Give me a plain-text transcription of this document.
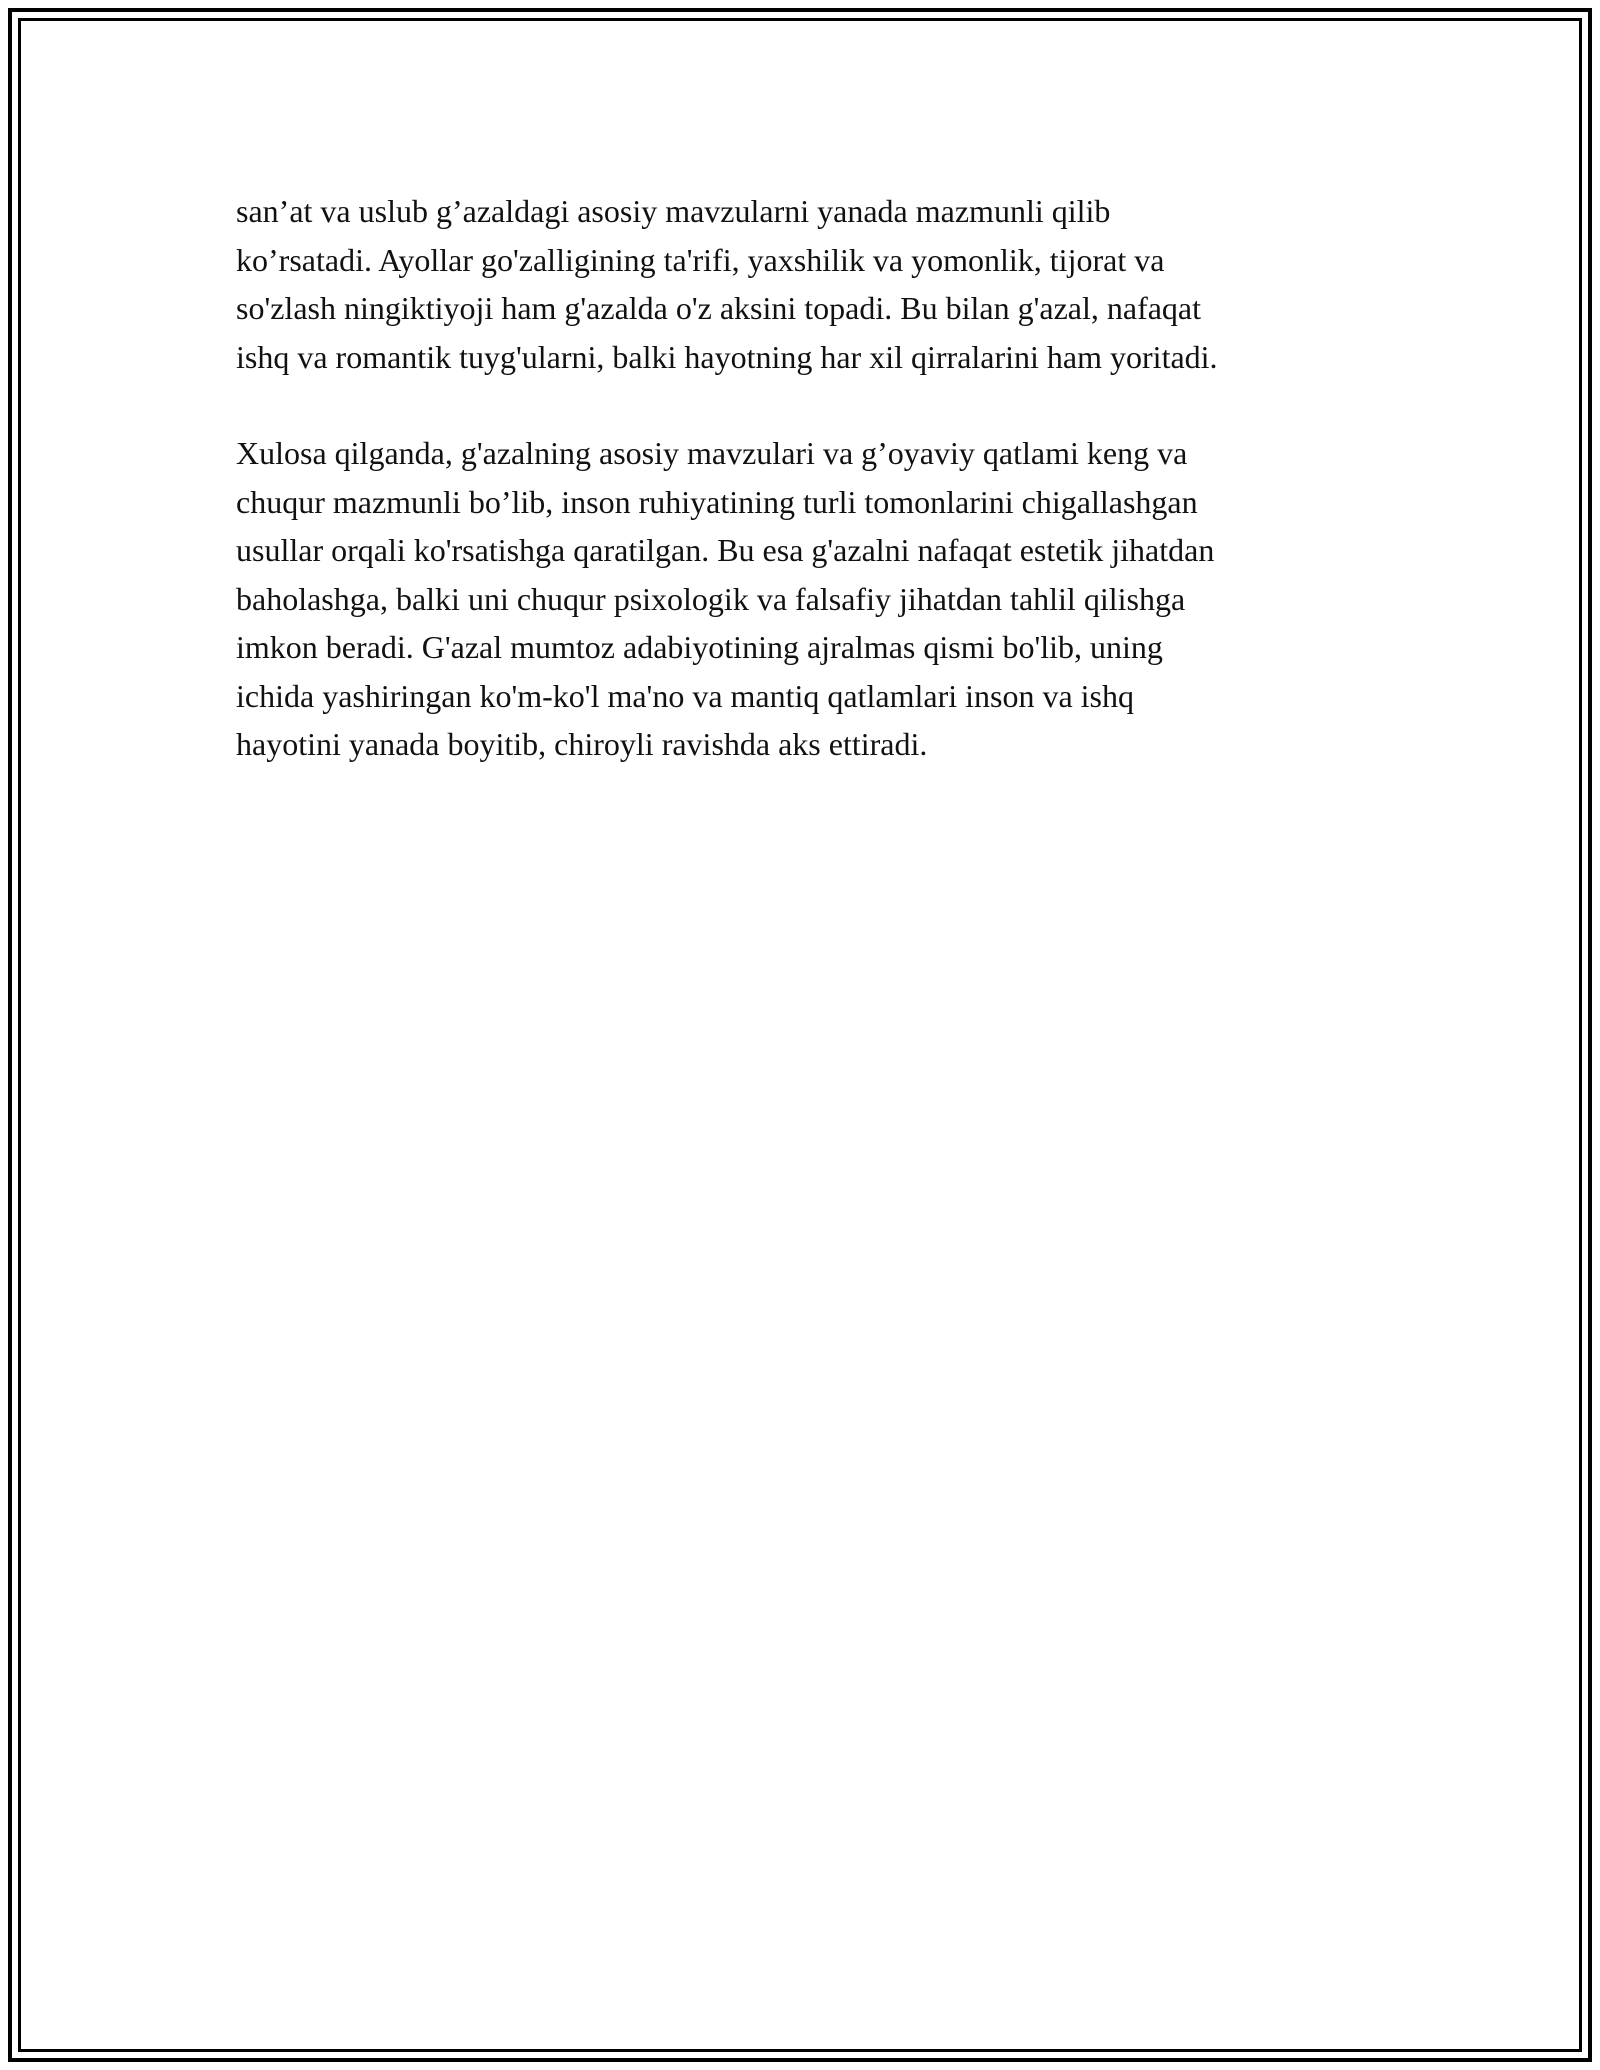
san’at va uslub g’azaldagi asosiy mavzularni yanada mazmunli qilib
ko’rsatadi. Ayollar go'zalligining ta'rifi, yaxshilik va yomonlik, tijorat va
so'zlash ningiktiyoji ham g'azalda o'z aksini topadi. Bu bilan g'azal, nafaqat
ishq va romantik tuyg'ularni, balki hayotning har xil qirralarini ham yoritadi.

Xulosa qilganda, g'azalning asosiy mavzulari va g’oyaviy qatlami keng va
chuqur mazmunli bo’lib, inson ruhiyatining turli tomonlarini chigallashgan
usullar orqali ko'rsatishga qaratilgan. Bu esa g'azalni nafaqat estetik jihatdan
baholashga, balki uni chuqur psixologik va falsafiy jihatdan tahlil qilishga
imkon beradi. G'azal mumtoz adabiyotining ajralmas qismi bo'lib, uning
ichida yashiringan ko'm-ko'l ma'no va mantiq qatlamlari inson va ishq
hayotini yanada boyitib, chiroyli ravishda aks ettiradi.
